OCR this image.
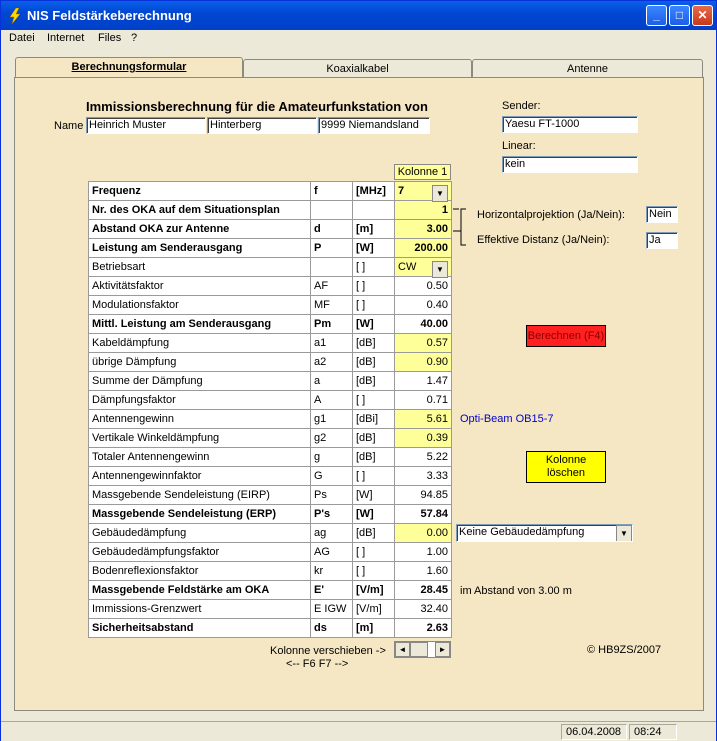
NIS Feldstärkeberechnung	_	□	✕
Datei Internet Files ?
Berechnungsformular	Koaxialkabel	Antenne
Immissionsberechnung für die Amateurfunkstation von
Name Heinrich Muster	Hinterberg	9999 Niemandsland
Sender:
Yaesu FT-1000
Linear:
kein
Kolonne 1
Frequenz	f	[MHz]	7 ▼

Nr. des OKA auf dem Situationsplan			1
Abstand OKA zur Antenne	d	[m]	3.00
Leistung am Senderausgang	P	[W]	200.00
Betriebsart		[ ]	CW ▼

Aktivitätsfaktor	AF	[ ]	0.50
Modulationsfaktor	MF	[ ]	0.40
Mittl. Leistung am Senderausgang	Pm	[W]	40.00
Kabeldämpfung	a1	[dB]	0.57
übrige Dämpfung	a2	[dB]	0.90
Summe der Dämpfung	a	[dB]	1.47
Dämpfungsfaktor	A	[ ]	0.71
Antennengewinn	g1	[dBi]	5.61
Vertikale Winkeldämpfung	g2	[dB]	0.39
Totaler Antennengewinn	g	[dB]	5.22
Antennengewinnfaktor	G	[ ]	3.33
Massgebende Sendeleistung (EIRP)	Ps	[W]	94.85
Massgebende Sendeleistung (ERP)	P's	[W]	57.84
Gebäudedämpfung	ag	[dB]	0.00
Gebäudedämpfungsfaktor	AG	[ ]	1.00
Bodenreflexionsfaktor	kr	[ ]	1.60
Massgebende Feldstärke am OKA	E'	[V/m]	28.45
Immissions-Grenzwert	E IGW	[V/m]	32.40
Sicherheitsabstand	ds	[m]	2.63
Horizontalprojektion (Ja/Nein): Nein
Effektive Distanz (Ja/Nein):	Ja
Berechnen (F4)
Opti-Beam OB15-7
Kolonne
löschen
Keine Gebäudedämpfung	▼
im Abstand von 3.00 m
Kolonne verschieben ->
<-- F6 F7 -->
◄	►	© HB9ZS/2007
06.04.2008	08:24
